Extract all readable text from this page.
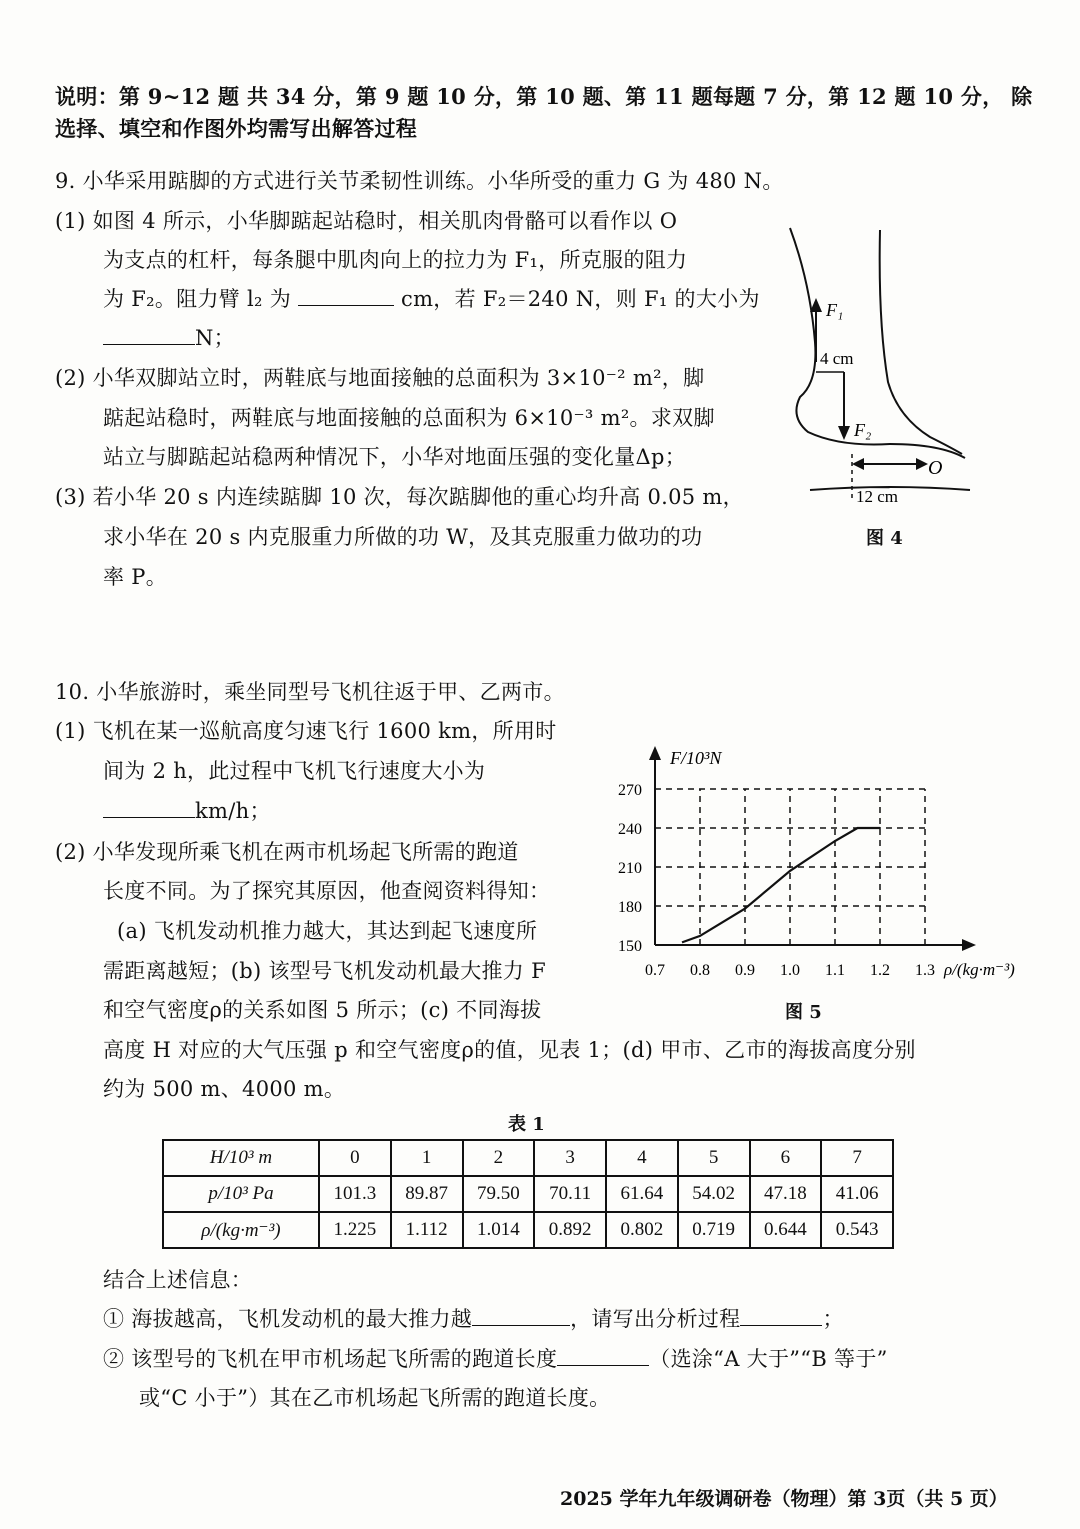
说明：第 9~12 题 共 34 分，第 9 题 10 分，第 10 题、第 11 题每题 7 分，第 12 题 10 分， 除
选择、填空和作图外均需写出解答过程
9. 小华采用踮脚的方式进行关节柔韧性训练。小华所受的重力 G 为 480 N。
(1) 如图 4 所示，小华脚踮起站稳时，相关肌肉骨骼可以看作以 O
为支点的杠杆，每条腿中肌肉向上的拉力为 F₁，所克服的阻力
为 F₂。阻力臂 l₂ 为	cm，若 F₂＝240 N，则 F₁ 的大小为
N；
(2) 小华双脚站立时，两鞋底与地面接触的总面积为 3×10⁻² m²，脚
踮起站稳时，两鞋底与地面接触的总面积为 6×10⁻³ m²。求双脚
站立与脚踮起站稳两种情况下，小华对地面压强的变化量Δp；
(3) 若小华 20 s 内连续踮脚 10 次，每次踮脚他的重心均升高 0.05 m，
求小华在 20 s 内克服重力所做的功 W，及其克服重力做功的功
率 P。
F₁
4 cm
F₂
O
12 cm
图 4
10. 小华旅游时，乘坐同型号飞机往返于甲、乙两市。
(1) 飞机在某一巡航高度匀速飞行 1600 km，所用时
间为 2 h，此过程中飞机飞行速度大小为
km/h；
(2) 小华发现所乘飞机在两市机场起飞所需的跑道
长度不同。为了探究其原因，他查阅资料得知：
(a) 飞机发动机推力越大，其达到起飞速度所
需距离越短；(b) 该型号飞机发动机最大推力 F
和空气密度ρ的关系如图 5 所示；(c) 不同海拔
高度 H 对应的大气压强 p 和空气密度ρ的值，见表 1；(d) 甲市、乙市的海拔高度分别
约为 500 m、4000 m。
F/10³N
ρ/(kg·m⁻³)
0.7 0.8 0.9 1.0 1.1 1.2 1.3
150
180
210
240
270
图 5
表 1
H/10³ m	0	1	2	3	4	5	6	7
p/10³ Pa	101.3	89.87	79.50	70.11	61.64	54.02	47.18	41.06
ρ/(kg·m⁻³)	1.225	1.112	1.014	0.892	0.802	0.719	0.644	0.543
结合上述信息：
① 海拔越高，飞机发动机的最大推力越	，请写出分析过程	；
② 该型号的飞机在甲市机场起飞所需的跑道长度	（选涂“A 大于”“B 等于”
或“C 小于”）其在乙市机场起飞所需的跑道长度。
2025 学年九年级调研卷（物理）第 3页（共 5 页）
